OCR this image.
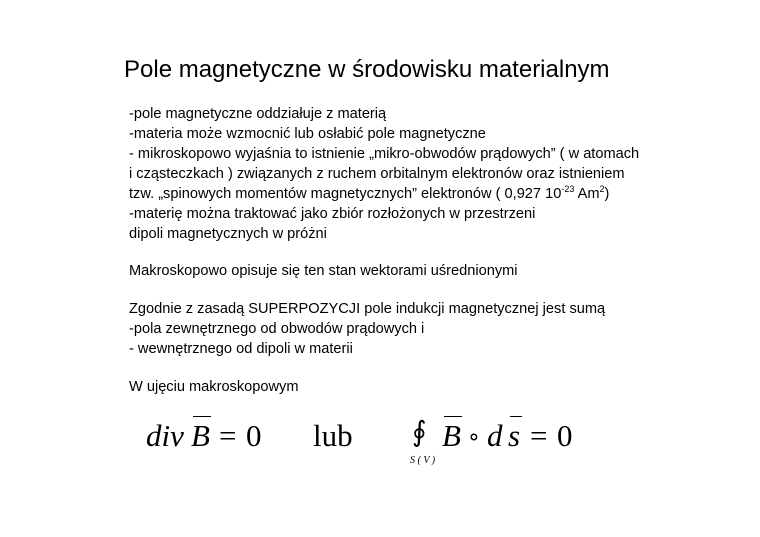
Pole magnetyczne w środowisku materialnym
-pole magnetyczne oddziałuje z materią
-materia może wzmocnić lub osłabić pole magnetyczne
- mikroskopowo wyjaśnia to istnienie „mikro-obwodów prądowych” ( w atomach
i cząsteczkach ) związanych z ruchem orbitalnym elektronów oraz istnieniem
tzw. „spinowych momentów magnetycznych” elektronów ( 0,927 $10^{-23}$ Am$^2$)
-materię można traktować jako zbiór rozłożonych w przestrzeni
dipoli magnetycznych w próżni
Makroskopowo opisuje się ten stan wektorami uśrednionymi
Zgodnie z zasadą SUPERPOZYCJI pole indukcji magnetycznej jest sumą
-pola zewnętrznego od obwodów prądowych i
- wewnętrznego od dipoli w materii
W ujęciu makroskopowym
div B = 0 lub ∮
S ( V )
B ∘ d s = 0
